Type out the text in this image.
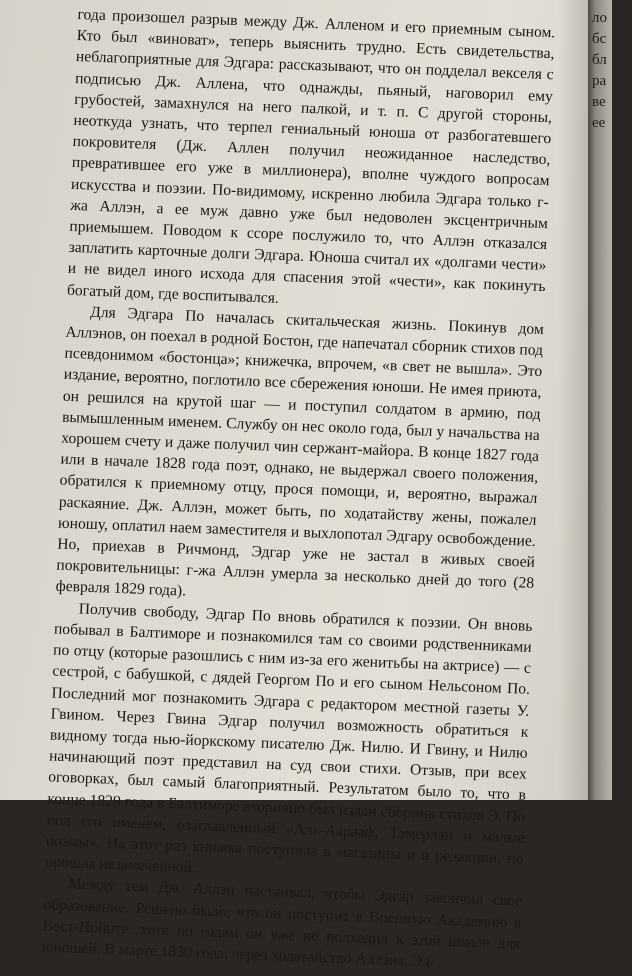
года произошел разрыв между Дж. Алленом и его приемным сыном. Кто был «виноват», теперь выяснить трудно. Есть свидетельства, неблагоприятные для Эдгара: рассказывают, что он подделал векселя с подписью Дж. Аллена, что однажды, пьяный, наговорил ему грубостей, замахнулся на него палкой, и т. п. С другой стороны, неоткуда узнать, что терпел гениальный юноша от разбогатевшего покровителя (Дж. Аллен получил неожиданное наследство, превратившее его уже в миллионера), вполне чуждого вопросам искусства и поэзии. По-видимому, искренно любила Эдгара только г-жа Аллэн, а ее муж давно уже был недоволен эксцентричным приемышем. Поводом к ссоре послужило то, что Аллэн отказался заплатить карточные долги Эдгара. Юноша считал их «долгами чести» и не видел иного исхода для спасения этой «чести», как покинуть богатый дом, где воспитывался.

Для Эдгара По началась скитальческая жизнь. Покинув дом Аллэнов, он поехал в родной Бостон, где напечатал сборник стихов под псевдонимом «бостонца»; книжечка, впрочем, «в свет не вышла». Это издание, вероятно, поглотило все сбережения юноши. Не имея приюта, он решился на крутой шаг — и поступил солдатом в армию, под вымышленным именем. Службу он нес около года, был у начальства на хорошем счету и даже получил чин сержант-майора. В конце 1827 года или в начале 1828 года поэт, однако, не выдержал своего положения, обратился к приемному отцу, прося помощи, и, вероятно, выражал раскаяние. Дж. Аллэн, может быть, по ходатайству жены, пожалел юношу, оплатил наем заместителя и выхлопотал Эдгару освобождение. Но, приехав в Ричмонд, Эдгар уже не застал в живых своей покровительницы: г-жа Аллэн умерла за несколько дней до того (28 февраля 1829 года).

Получив свободу, Эдгар По вновь обратился к поэзии. Он вновь побывал в Балтиморе и познакомился там со своими родственниками по отцу (которые разошлись с ним из-за его женитьбы на актрисе) — с сестрой, с бабушкой, с дядей Георгом По и его сыном Нельсоном По. Последний мог познакомить Эдгара с редактором местной газеты У. Гвином. Через Гвина Эдгар получил возможность обратиться к видному тогда нью-йоркскому писателю Дж. Нилю. И Гвину, и Нилю начинающий поэт представил на суд свои стихи. Отзыв, при всех оговорках, был самый благоприятный. Результатом было то, что в конце 1829 года в Балтиморе вторично был издан сборник стихов Э. По под его именем, озаглавленный «Аль-Аарааф, Тамерлан и малые поэмы». На этот раз книжка поступила в магазины и в редакции, но прошла незамеченной.

Между тем Дж. Аллэн настаивал, чтобы Эдгар закончил свое образование. Решено было, что он поступит в Военную Академию в Вест-Пойнте, хотя по годам он уже не подходил к этой школе для юношей. В марте 1830 года, через ходатайство Аллэна, Эд-

ло
бс
бл
ра
ве
ее
